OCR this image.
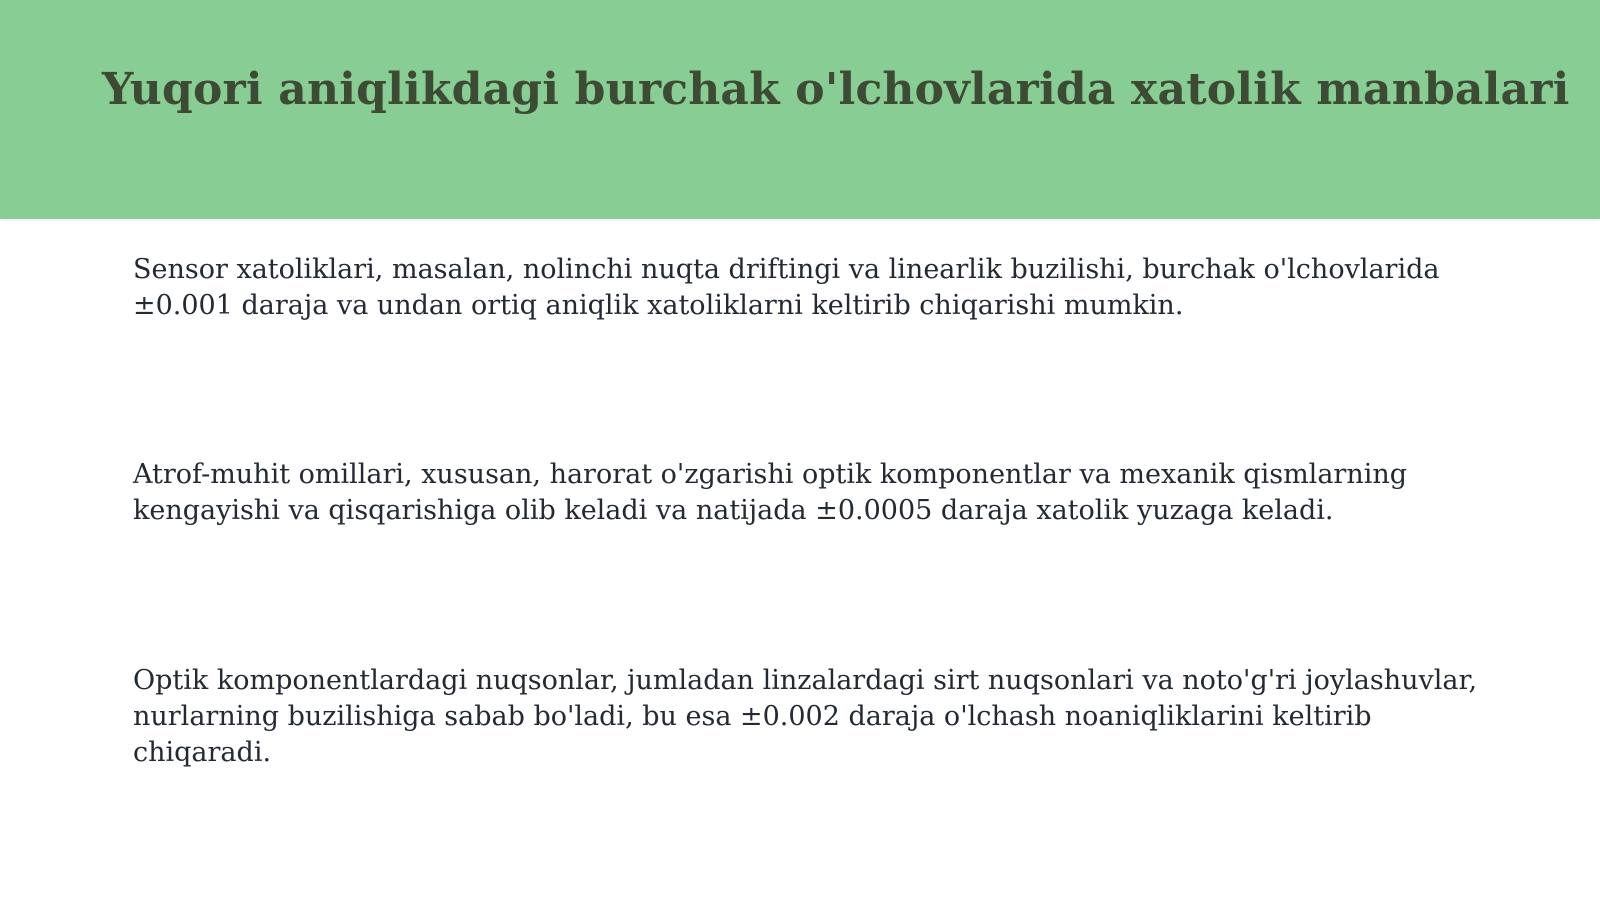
Yuqori aniqlikdagi burchak o'lchovlarida xatolik manbalari

Sensor xatoliklari, masalan, nolinchi nuqta driftingi va linearlik buzilishi, burchak o'lchovlarida ±0.001 daraja va undan ortiq aniqlik xatoliklarni keltirib chiqarishi mumkin.

Atrof-muhit omillari, xususan, harorat o'zgarishi optik komponentlar va mexanik qismlarning kengayishi va qisqarishiga olib keladi va natijada ±0.0005 daraja xatolik yuzaga keladi.

Optik komponentlardagi nuqsonlar, jumladan linzalardagi sirt nuqsonlari va noto'g'ri joylashuvlar, nurlarning buzilishiga sabab bo'ladi, bu esa ±0.002 daraja o'lchash noaniqliklarini keltirib chiqaradi.
